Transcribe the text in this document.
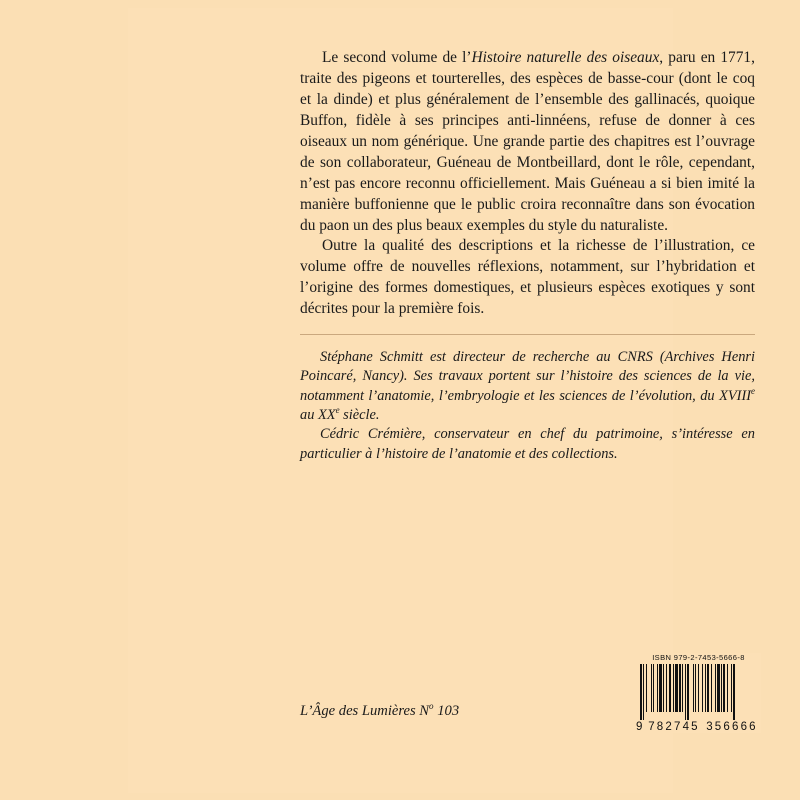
Le second volume de l’Histoire naturelle des oiseaux, paru en 1771, traite des pigeons et tourterelles, des espèces de basse-cour (dont le coq et la dinde) et plus généralement de l’ensemble des gallinacés, quoique Buffon, fidèle à ses principes anti-linnéens, refuse de donner à ces oiseaux un nom générique. Une grande partie des chapitres est l’ouvrage de son collaborateur, Guéneau de Montbeillard, dont le rôle, cependant, n’est pas encore reconnu officiellement. Mais Guéneau a si bien imité la manière buffonienne que le public croira reconnaître dans son évocation du paon un des plus beaux exemples du style du naturaliste.

Outre la qualité des descriptions et la richesse de l’illustration, ce volume offre de nouvelles réflexions, notamment, sur l’hybridation et l’origine des formes domestiques, et plusieurs espèces exotiques y sont décrites pour la première fois.

Stéphane Schmitt est directeur de recherche au CNRS (Archives Henri Poincaré, Nancy). Ses travaux portent sur l’histoire des sciences de la vie, notamment l’anatomie, l’embryologie et les sciences de l’évolution, du XVIIIe au XXe siècle.

Cédric Crémière, conservateur en chef du patrimoine, s’intéresse en particulier à l’histoire de l’anatomie et des collections.

L’Âge des Lumières $N^o$ 103
ISBN 979-2-7453-5666-8
9 782745 356666
